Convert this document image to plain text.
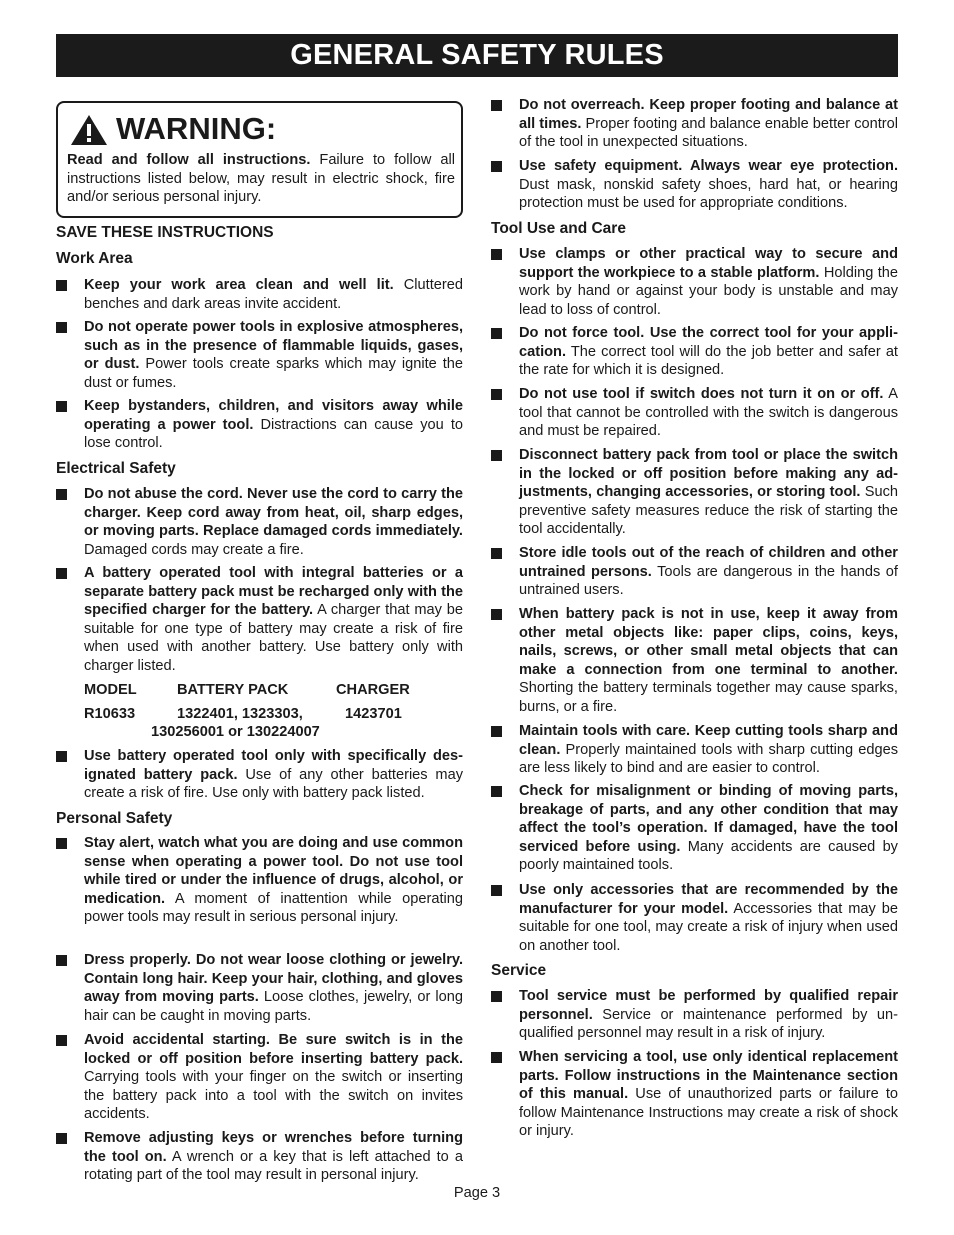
GENERAL SAFETY RULES
WARNING:
Read and follow all instructions. Failure to follow all instructions listed below, may result in electric shock, fire and/or serious personal injury.
SAVE THESE INSTRUCTIONS
Work Area
Keep your work area clean and well lit. Cluttered benches and dark areas invite accident.
Do not operate power tools in explosive atmospheres, such as in the presence of flammable liquids, gases, or dust. Power tools create sparks which may ignite the dust or fumes.
Keep bystanders, children, and visitors away while operating a power tool. Distractions can cause you to lose control.
Electrical Safety
Do not abuse the cord. Never use the cord to carry the charger. Keep cord away from heat, oil, sharp edges, or moving parts. Replace damaged cords immediately. Damaged cords may create a fire.
A battery operated tool with integral batteries or a separate battery pack must be recharged only with the specified charger for the battery. A charger that may be suitable for one type of battery may create a risk of fire when used with another battery. Use battery only with charger listed.
MODEL	BATTERY PACK	CHARGER
R10633	1322401, 1323303,	1423701
130256001 or 130224007
Use battery operated tool only with specifically designated battery pack. Use of any other batteries may create a risk of fire. Use only with battery pack listed.
Personal Safety
Stay alert, watch what you are doing and use common sense when operating a power tool. Do not use tool while tired or under the influence of drugs, alcohol, or medication. A moment of inattention while operating power tools may result in serious personal injury.
Dress properly. Do not wear loose clothing or jewelry. Contain long hair. Keep your hair, clothing, and gloves away from moving parts. Loose clothes, jewelry, or long hair can be caught in moving parts.
Avoid accidental starting. Be sure switch is in the locked or off position before inserting battery pack. Carrying tools with your finger on the switch or inserting the battery pack into a tool with the switch on invites accidents.
Remove adjusting keys or wrenches before turning the tool on. A wrench or a key that is left attached to a rotating part of the tool may result in personal injury.
Do not overreach. Keep proper footing and balance at all times. Proper footing and balance enable better control of the tool in unexpected situations.
Use safety equipment. Always wear eye protection. Dust mask, nonskid safety shoes, hard hat, or hearing protection must be used for appropriate conditions.
Tool Use and Care
Use clamps or other practical way to secure and support the workpiece to a stable platform. Holding the work by hand or against your body is unstable and may lead to loss of control.
Do not force tool. Use the correct tool for your application. The correct tool will do the job better and safer at the rate for which it is designed.
Do not use tool if switch does not turn it on or off. A tool that cannot be controlled with the switch is dangerous and must be repaired.
Disconnect battery pack from tool or place the switch in the locked or off position before making any adjustments, changing accessories, or storing tool. Such preventive safety measures reduce the risk of starting the tool accidentally.
Store idle tools out of the reach of children and other untrained persons. Tools are dangerous in the hands of untrained users.
When battery pack is not in use, keep it away from other metal objects like: paper clips, coins, keys, nails, screws, or other small metal objects that can make a connection from one terminal to another. Shorting the battery terminals together may cause sparks, burns, or a fire.
Maintain tools with care. Keep cutting tools sharp and clean. Properly maintained tools with sharp cutting edges are less likely to bind and are easier to control.
Check for misalignment or binding of moving parts, breakage of parts, and any other condition that may affect the tool’s operation. If damaged, have the tool serviced before using. Many accidents are caused by poorly maintained tools.
Use only accessories that are recommended by the manufacturer for your model. Accessories that may be suitable for one tool, may create a risk of injury when used on another tool.
Service
Tool service must be performed by qualified repair personnel. Service or maintenance performed by unqualified personnel may result in a risk of injury.
When servicing a tool, use only identical replacement parts. Follow instructions in the Maintenance section of this manual. Use of unauthorized parts or failure to follow Maintenance Instructions may create a risk of shock or injury.
Page 3
